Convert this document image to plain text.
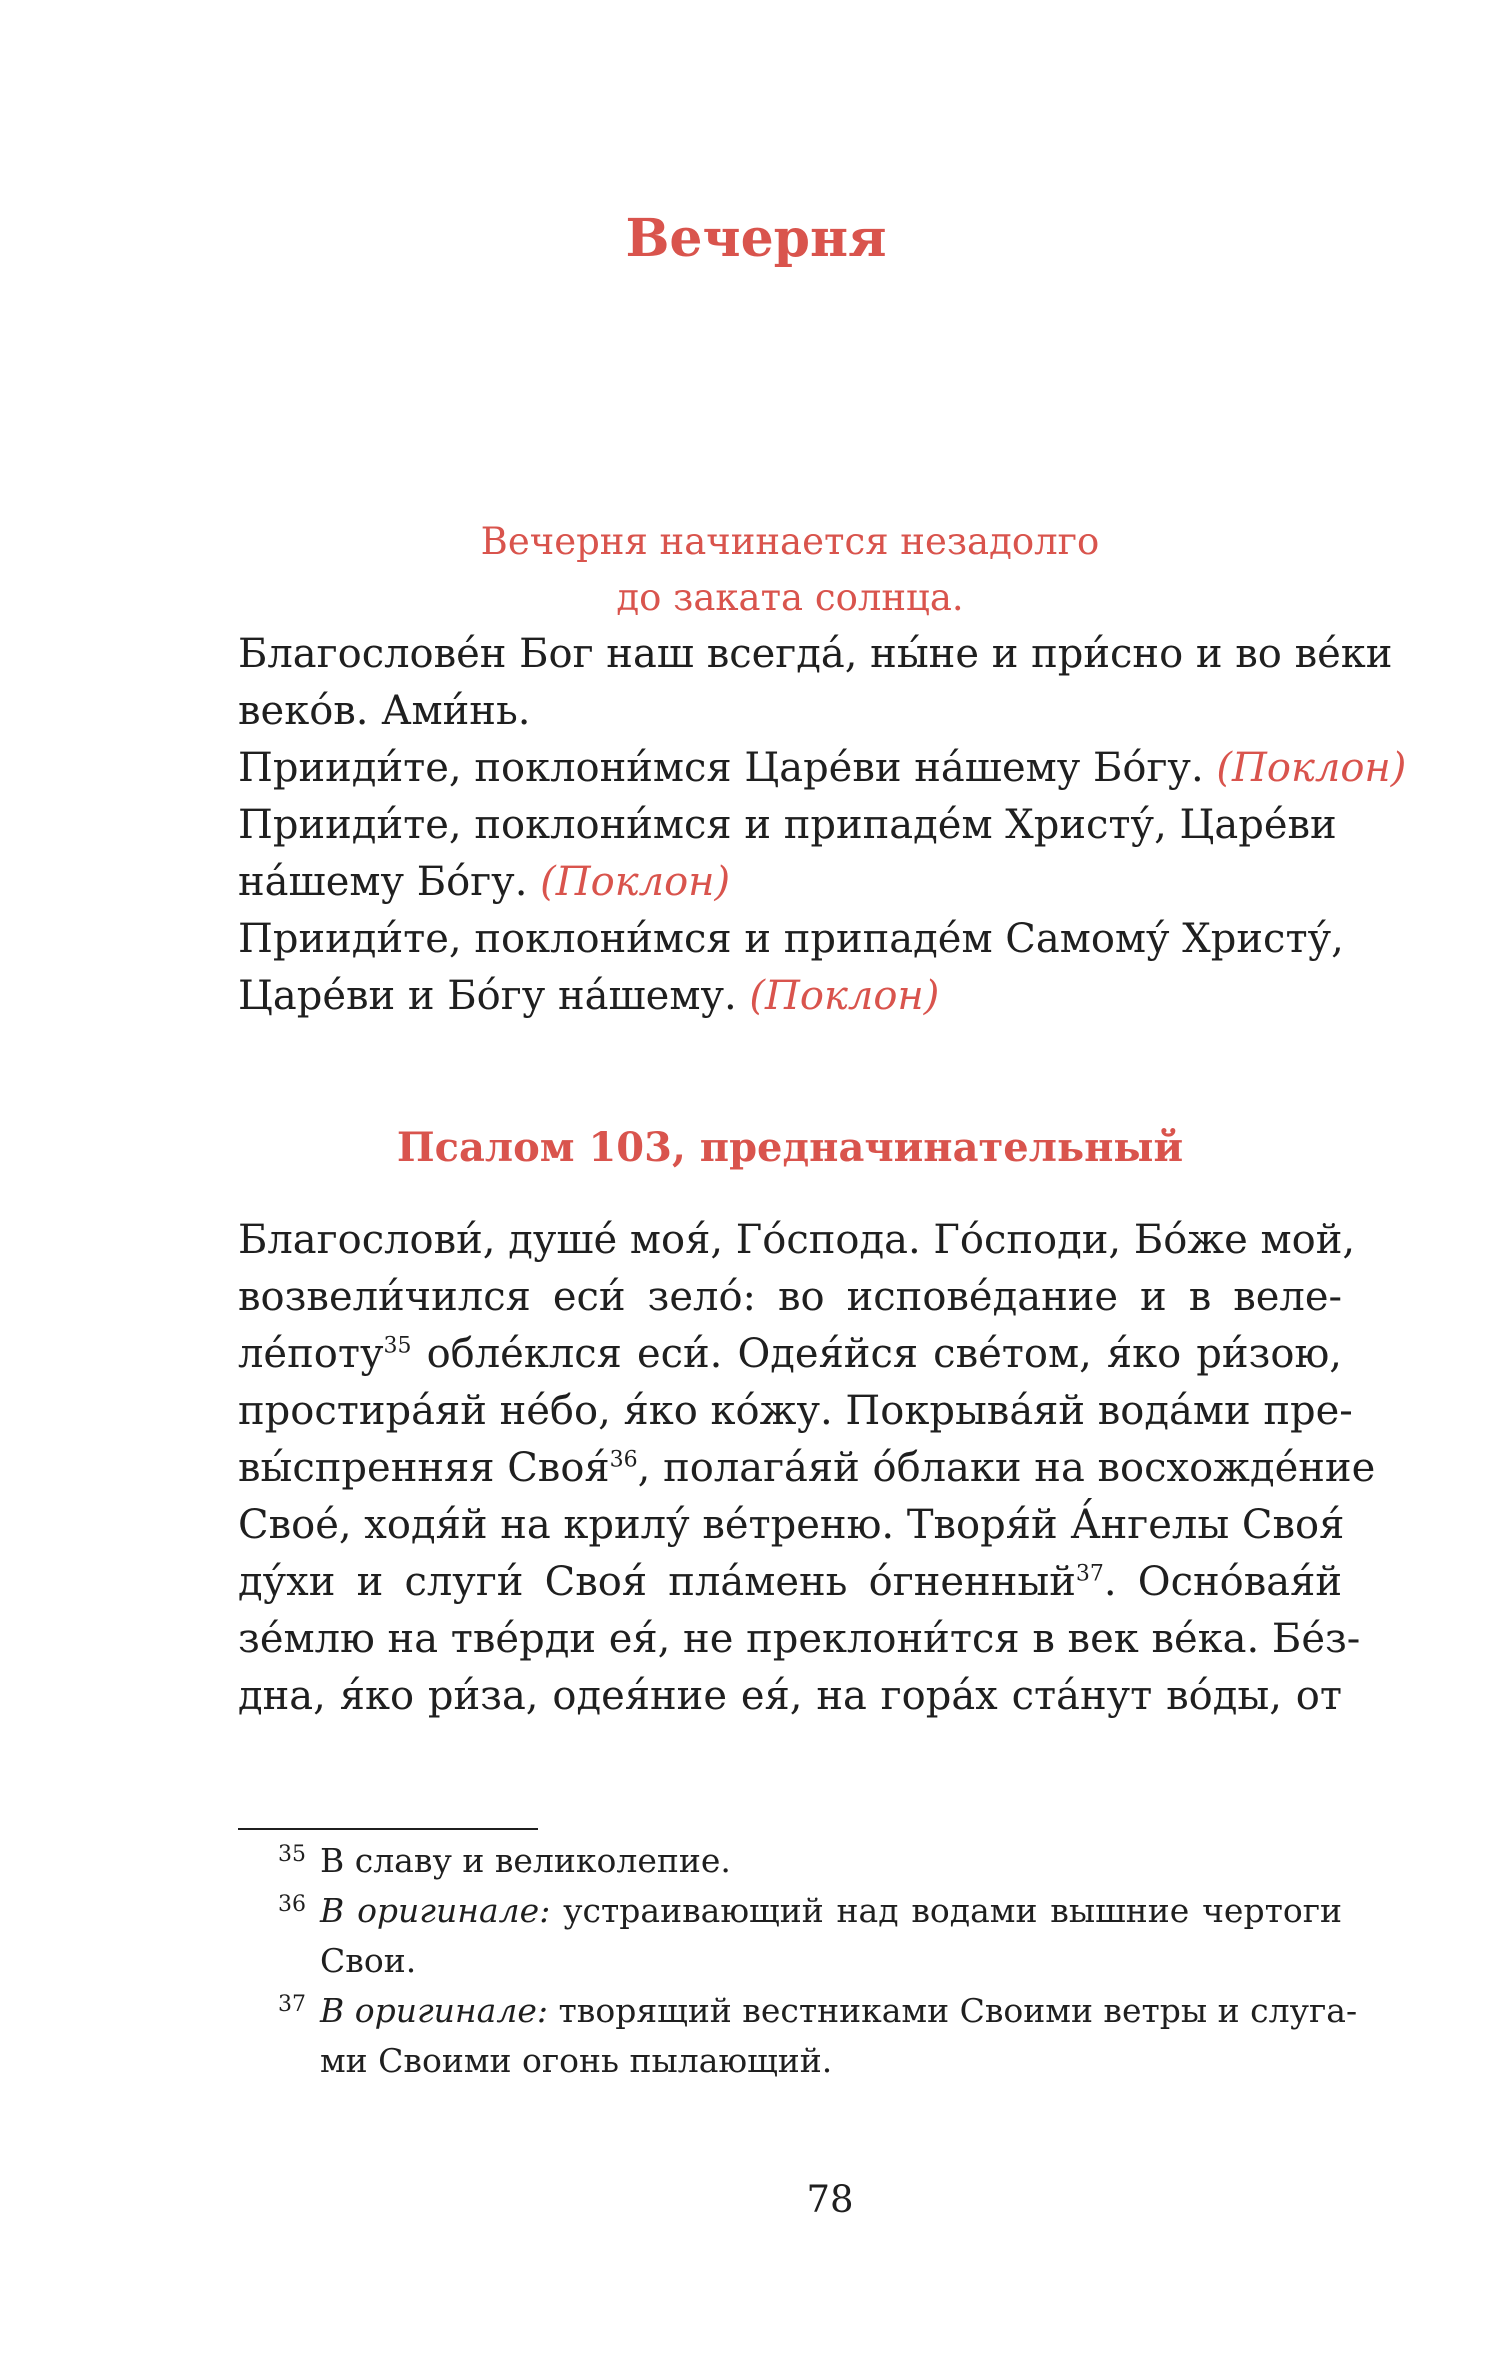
Вечерня
Вечерня начинается незадолго
до заката солнца.
Благослове́н Бог наш всегда́, ны́не и при́сно и во ве́ки
веко́в. Ами́нь.
Прииди́те, поклони́мся Царе́ви на́шему Бо́гу. (Поклон)
Прииди́те, поклони́мся и припаде́м Христу́, Царе́ви
на́шему Бо́гу. (Поклон)
Прииди́те, поклони́мся и припаде́м Самому́ Христу́,
Царе́ви и Бо́гу на́шему. (Поклон)
Псалом 103, предначинательный
Благослови́, душе́ моя́, Го́спода. Го́споди, Бо́же мой,
возвели́чился еси́ зело́: во испове́дание и в веле-
ле́поту$^{35}$ обле́клся еси́. Одея́йся све́том, я́ко ри́зою,
простира́яй не́бо, я́ко ко́жу. Покрыва́яй вода́ми пре-
вы́спренняя Своя́$^{36}$, полага́яй о́блаки на восхожде́ние
Свое́, ходя́й на крилу́ ве́треню. Творя́й А́нгелы Своя́
ду́хи и слуги́ Своя́ пла́мень о́гненный$^{37}$. Осно́вая́й
зе́млю на тве́рди ея́, не преклони́тся в век ве́ка. Бе́з-
дна, я́ко ри́за, одея́ние ея́, на гора́х ста́нут во́ды, от
35 В славу и великолепие.
36 В оригинале: устраивающий над водами вышние чертоги
Свои.
37 В оригинале: творящий вестниками Своими ветры и слуга-
ми Своими огонь пылающий.
78
